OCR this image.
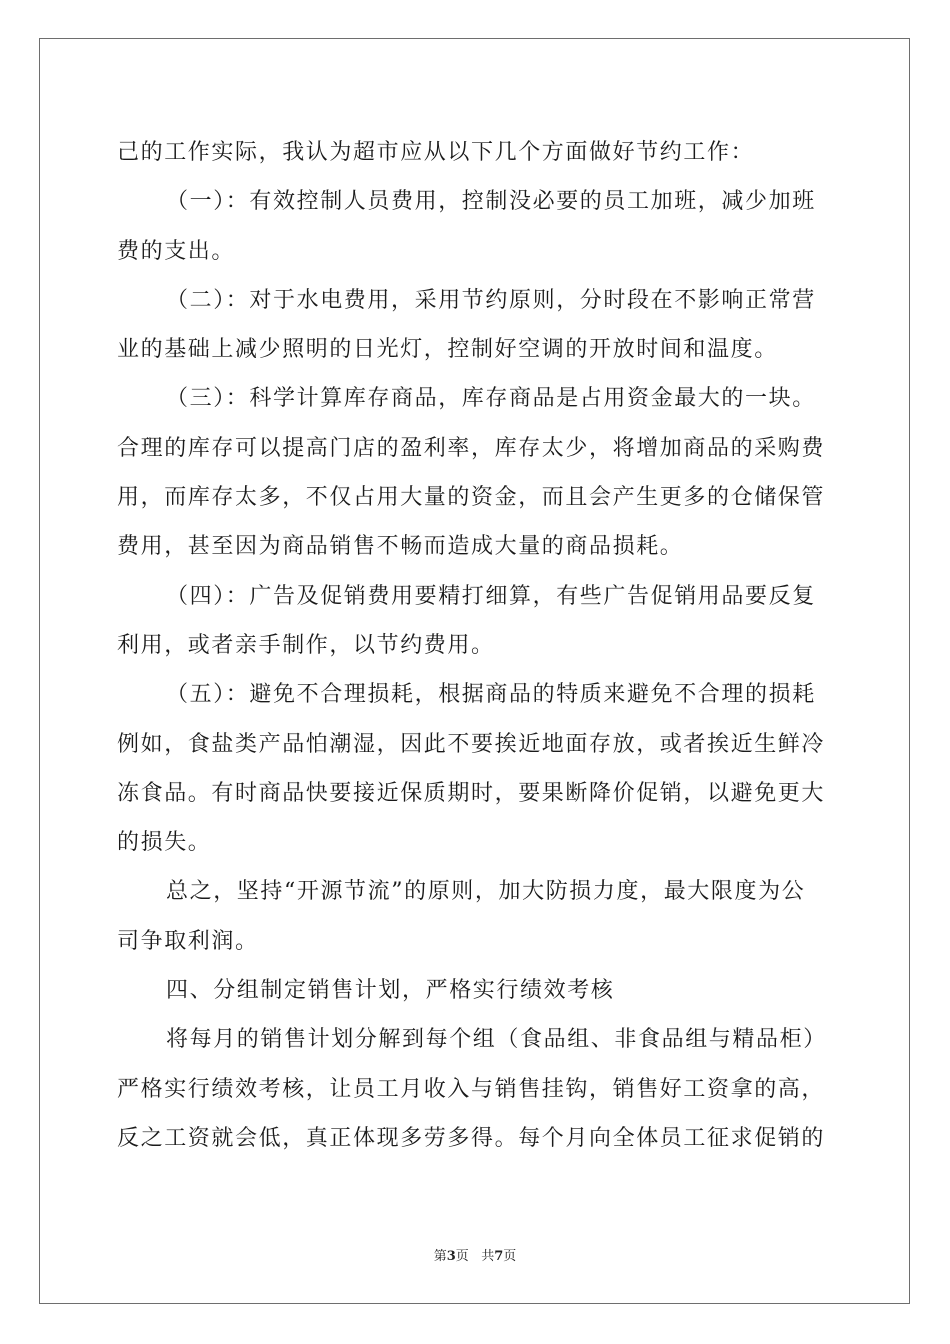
己的工作实际，我认为超市应从以下几个方面做好节约工作：
（一）：有效控制人员费用，控制没必要的员工加班，减少加班
费的支出。
（二）：对于水电费用，采用节约原则，分时段在不影响正常营
业的基础上减少照明的日光灯，控制好空调的开放时间和温度。
（三）：科学计算库存商品，库存商品是占用资金最大的一块。
合理的库存可以提高门店的盈利率，库存太少，将增加商品的采购费
用，而库存太多，不仅占用大量的资金，而且会产生更多的仓储保管
费用，甚至因为商品销售不畅而造成大量的商品损耗。
（四）：广告及促销费用要精打细算，有些广告促销用品要反复
利用，或者亲手制作，以节约费用。
（五）：避免不合理损耗，根据商品的特质来避免不合理的损耗
例如，食盐类产品怕潮湿，因此不要挨近地面存放，或者挨近生鲜冷
冻食品。有时商品快要接近保质期时，要果断降价促销，以避免更大
的损失。
总之，坚持“开源节流”的原则，加大防损力度，最大限度为公
司争取利润。
四、分组制定销售计划，严格实行绩效考核
将每月的销售计划分解到每个组（食品组、非食品组与精品柜）
严格实行绩效考核，让员工月收入与销售挂钩，销售好工资拿的高，
反之工资就会低，真正体现多劳多得。每个月向全体员工征求促销的
第3页 共7页
